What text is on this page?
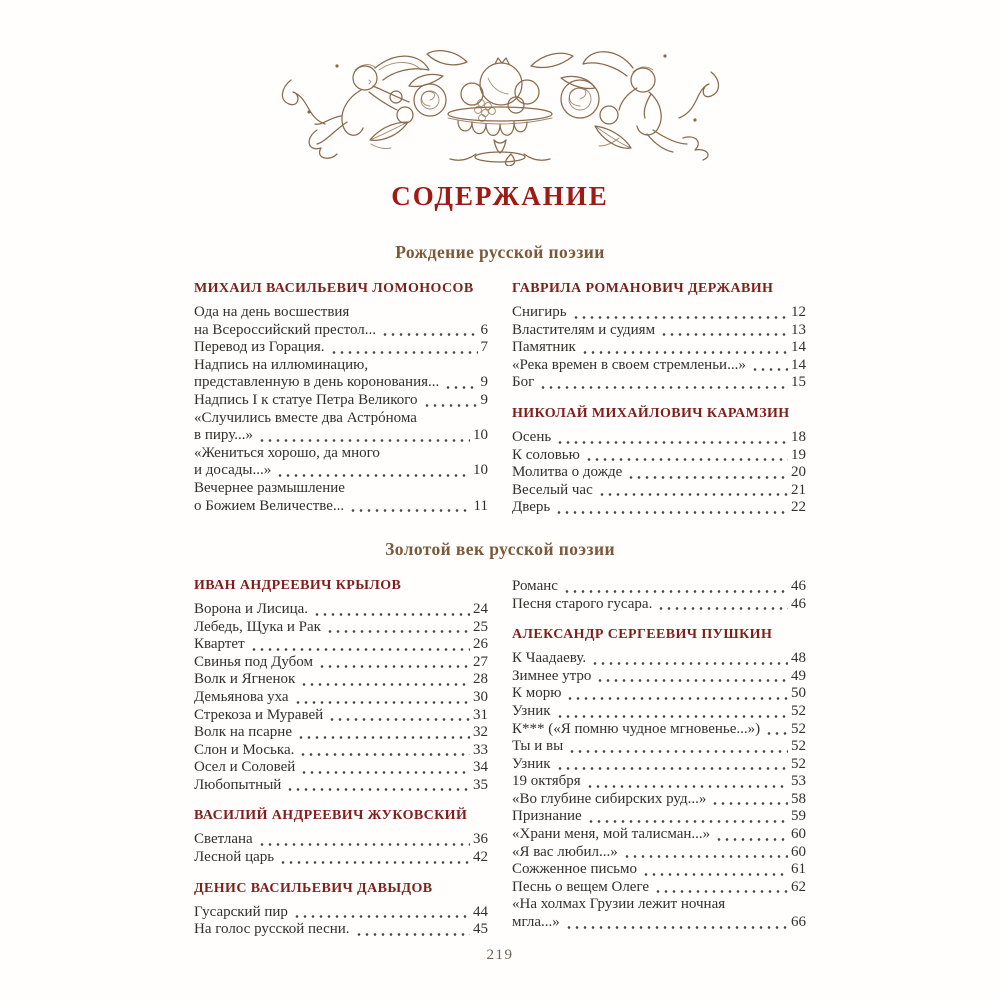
СОДЕРЖАНИЕ
Рождение русской поэзии
МИХАИЛ ВАСИЛЬЕВИЧ ЛОМОНОСОВ
Ода на день восшествия
на Всероссийский престол...	6
Перевод из Горация.	7
Надпись на иллюминацию,
представленную в день коронования...	9
Надпись I к статуе Петра Великого	9
«Случились вместе два Астрóнома
в пиру...»	10
«Жениться хорошо, да много
и досады...»	10
Вечернее размышление
о Божием Величестве...	11
ГАВРИЛА РОМАНОВИЧ ДЕРЖАВИН
Снигирь	12
Властителям и судиям	13
Памятник	14
«Река времен в своем стремленьи...»	14
Бог	15
НИКОЛАЙ МИХАЙЛОВИЧ КАРАМЗИН
Осень	18
К соловью	19
Молитва о дожде	20
Веселый час	21
Дверь	22
Золотой век русской поэзии
ИВАН АНДРЕЕВИЧ КРЫЛОВ
Ворона и Лисица.	24
Лебедь, Щука и Рак	25
Квартет	26
Свинья под Дубом	27
Волк и Ягненок	28
Демьянова уха	30
Стрекоза и Муравей	31
Волк на псарне	32
Слон и Моська.	33
Осел и Соловей	34
Любопытный	35
ВАСИЛИЙ АНДРЕЕВИЧ ЖУКОВСКИЙ
Светлана	36
Лесной царь	42
ДЕНИС ВАСИЛЬЕВИЧ ДАВЫДОВ
Гусарский пир	44
На голос русской песни.	45
Романс	46
Песня старого гусара.	46
АЛЕКСАНДР СЕРГЕЕВИЧ ПУШКИН
К Чаадаеву.	48
Зимнее утро	49
К морю	50
Узник	52
К*** («Я помню чудное мгновенье...») 52
Ты и вы	52
Узник	52
19 октября	53
«Во глубине сибирских руд...»	58
Признание	59
«Храни меня, мой талисман...»	60
«Я вас любил...»	60
Сожженное письмо	61
Песнь о вещем Олеге	62
«На холмах Грузии лежит ночная
мгла...»	66
219
